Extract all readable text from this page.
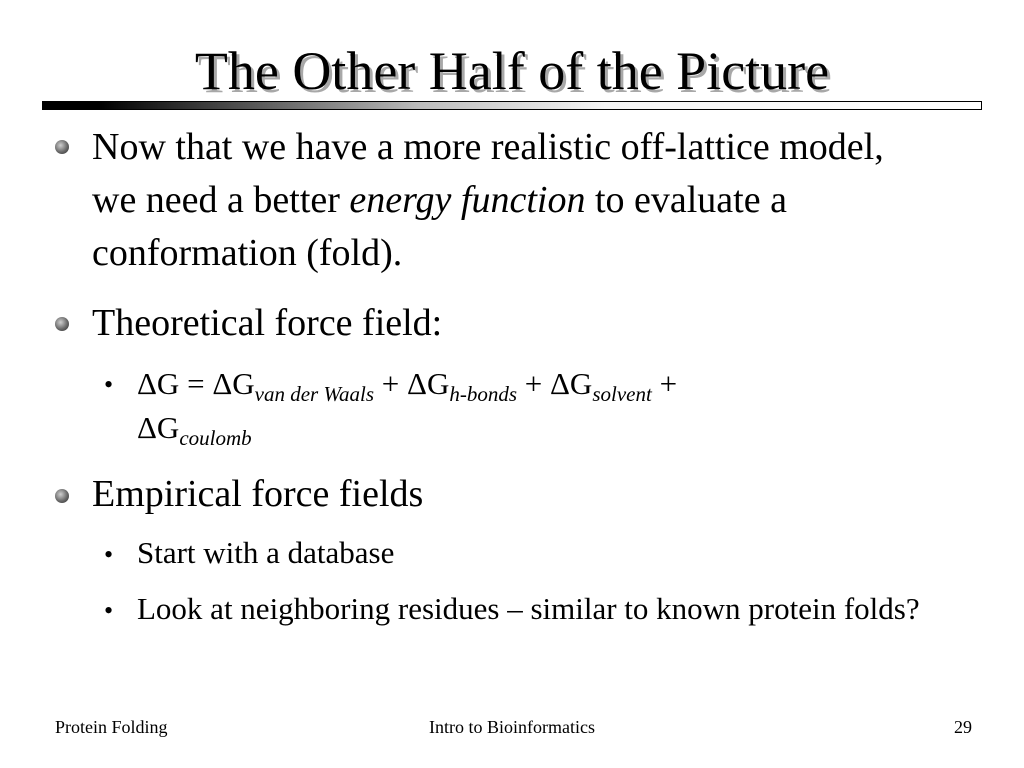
The Other Half of the Picture
Now that we have a more realistic off-lattice model, we need a better energy function to evaluate a conformation (fold).
Theoretical force field:
• $\Delta G = \Delta G_{van der Waals} + \Delta G_{h-bonds} + \Delta G_{solvent}$ +
$\Delta G_{coulomb}$
Empirical force fields
• Start with a database
• Look at neighboring residues – similar to known protein folds?
Protein Folding	Intro to Bioinformatics	29
